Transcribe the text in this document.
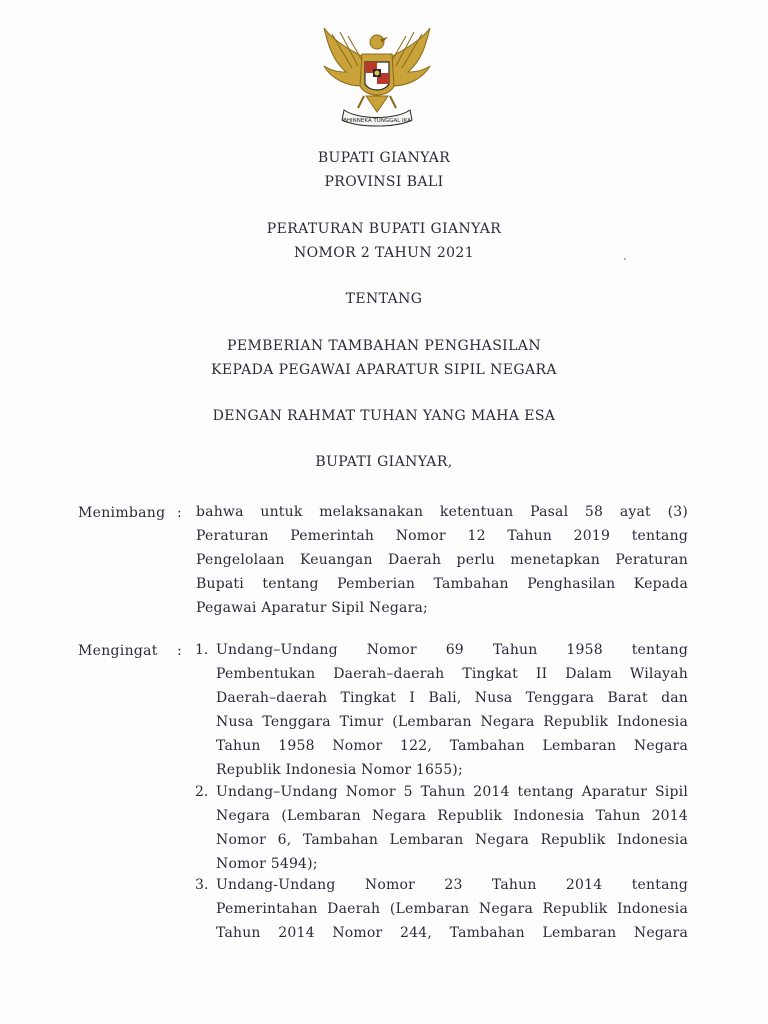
BHINNEKA TUNGGAL IKA
BUPATI GIANYAR
PROVINSI BALI
PERATURAN BUPATI GIANYAR
NOMOR 2 TAHUN 2021
TENTANG
PEMBERIAN TAMBAHAN PENGHASILAN
KEPADA PEGAWAI APARATUR SIPIL NEGARA
DENGAN RAHMAT TUHAN YANG MAHA ESA
BUPATI GIANYAR,
Menimbang : bahwa untuk melaksanakan ketentuan Pasal 58 ayat (3)
Peraturan Pemerintah Nomor 12 Tahun 2019 tentang
Pengelolaan Keuangan Daerah perlu menetapkan Peraturan
Bupati tentang Pemberian Tambahan Penghasilan Kepada
Pegawai Aparatur Sipil Negara;
Mengingat : 1. Undang–Undang Nomor 69 Tahun 1958 tentang
Pembentukan Daerah–daerah Tingkat II Dalam Wilayah
Daerah–daerah Tingkat I Bali, Nusa Tenggara Barat dan
Nusa Tenggara Timur (Lembaran Negara Republik Indonesia
Tahun 1958 Nomor 122, Tambahan Lembaran Negara
Republik Indonesia Nomor 1655);
2. Undang–Undang Nomor 5 Tahun 2014 tentang Aparatur Sipil
Negara (Lembaran Negara Republik Indonesia Tahun 2014
Nomor 6, Tambahan Lembaran Negara Republik Indonesia
Nomor 5494);
3. Undang-Undang Nomor 23 Tahun 2014 tentang
Pemerintahan Daerah (Lembaran Negara Republik Indonesia
Tahun 2014 Nomor 244, Tambahan Lembaran Negara
